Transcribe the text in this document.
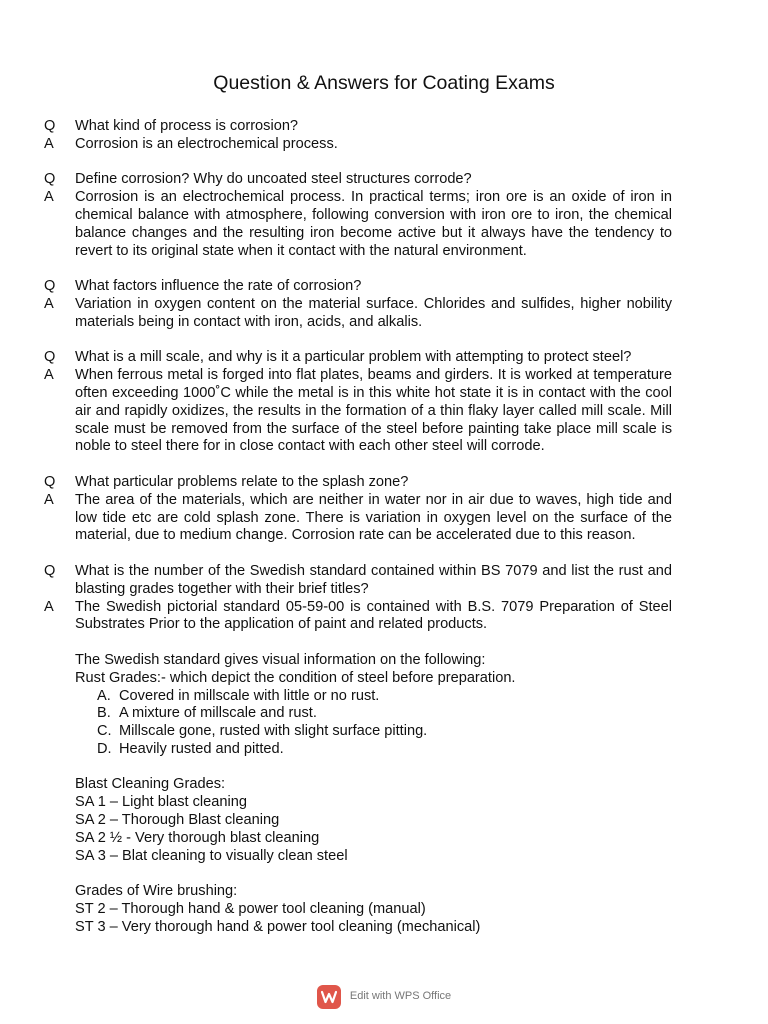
Question & Answers for Coating Exams
Q	What kind of process is corrosion?
A	Corrosion is an electrochemical process.
Q	Define corrosion? Why do uncoated steel structures corrode?
A	Corrosion is an electrochemical process. In practical terms; iron ore is an oxide of iron in chemical balance with atmosphere, following conversion with iron ore to iron, the chemical balance changes and the resulting iron become active but it always have the tendency to revert to its original state when it contact with the natural environment.
Q	What factors influence the rate of corrosion?
A	Variation in oxygen content on the material surface. Chlorides and sulfides, higher nobility materials being in contact with iron, acids, and alkalis.
Q	What is a mill scale, and why is it a particular problem with attempting to protect steel?
A	When ferrous metal is forged into flat plates, beams and girders. It is worked at temperature often exceeding 1000˚C while the metal is in this white hot state it is in contact with the cool air and rapidly oxidizes, the results in the formation of a thin flaky layer called mill scale. Mill scale must be removed from the surface of the steel before painting take place mill scale is noble to steel there for in close contact with each other steel will corrode.
Q	What particular problems relate to the splash zone?
A	The area of the materials, which are neither in water nor in air due to waves, high tide and low tide etc are cold splash zone. There is variation in oxygen level on the surface of the material, due to medium change. Corrosion rate can be accelerated due to this reason.
Q	What is the number of the Swedish standard contained within BS 7079 and list the rust and blasting grades together with their brief titles?
A	The Swedish pictorial standard 05-59-00 is contained with B.S. 7079 Preparation of Steel Substrates Prior to the application of paint and related products.
The Swedish standard gives visual information on the following:
Rust Grades:- which depict the condition of steel before preparation.
A. Covered in millscale with little or no rust.
B. A mixture of millscale and rust.
C. Millscale gone, rusted with slight surface pitting.
D. Heavily rusted and pitted.
Blast Cleaning Grades:
SA 1 – Light blast cleaning
SA 2 – Thorough Blast cleaning
SA 2 ½ - Very thorough blast cleaning
SA 3 – Blat cleaning to visually clean steel
Grades of Wire brushing:
ST 2 – Thorough hand & power tool cleaning (manual)
ST 3 – Very thorough hand & power tool cleaning (mechanical)
Edit with WPS Office
